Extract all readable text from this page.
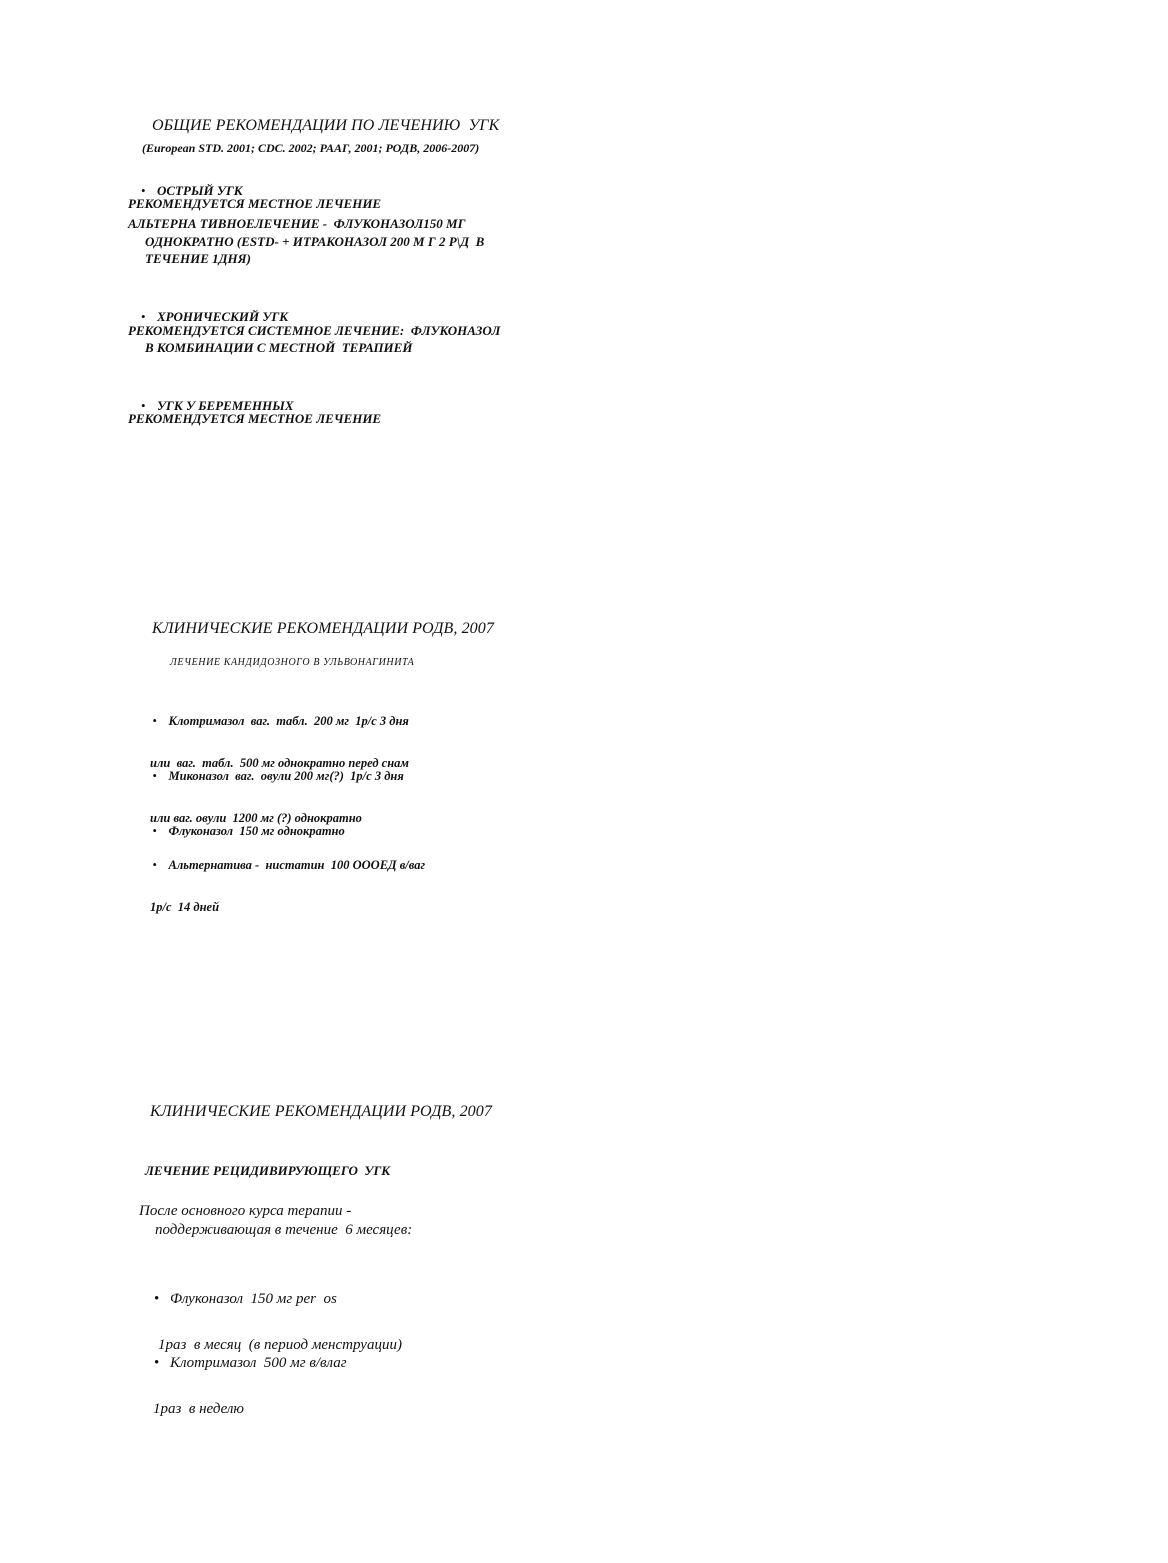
ОБЩИЕ РЕКОМЕНДАЦИИ ПО ЛЕЧЕНИЮ  УГК
(European STD. 2001; CDC. 2002; РААГ, 2001; РОДВ, 2006-2007)

• ОСТРЫЙ УГК

РЕКОМЕНДУЕТСЯ МЕСТНОЕ ЛЕЧЕНИЕ
АЛЬТЕРНА ТИВНОЕЛЕЧЕНИЕ -  ФЛУКОНАЗОЛ150 МГ
ОДНОКРАТНО (ESTD- + ИТРАКОНАЗОЛ 200 М Г 2 Р\Д  В
ТЕЧЕНИЕ 1ДНЯ)

• ХРОНИЧЕСКИЙ УГК

РЕКОМЕНДУЕТСЯ СИСТЕМНОЕ ЛЕЧЕНИЕ:  ФЛУКОНАЗОЛ
В КОМБИНАЦИИ С МЕСТНОЙ  ТЕРАПИЕЙ

• УГК У БЕРЕМЕННЫХ

РЕКОМЕНДУЕТСЯ МЕСТНОЕ ЛЕЧЕНИЕ
КЛИНИЧЕСКИЕ РЕКОМЕНДАЦИИ РОДВ, 2007
ЛЕЧЕНИЕ КАНДИДОЗНОГО В УЛЬВОНАГИНИТА

• Клотримазол  ваг.  табл.  200 мг  1р/с 3 дня

или  ваг.  табл.  500 мг однократно перед снам

• Миконазол  ваг.  овули 200 мг(?)  1р/с 3 дня

или ваг. овули  1200 мг (?) однократно

• Флуконазол  150 мг однократно

• Альтернатива -  нистатин  100 ОООЕД в/ваг

1р/с  14 дней

КЛИНИЧЕСКИЕ РЕКОМЕНДАЦИИ РОДВ, 2007
ЛЕЧЕНИЕ РЕЦИДИВИРУЮЩЕГО  УГК
После основного курса терапии -
поддерживающая в течение  6 месяцев:

• Флуконазол  150 мг per  os

1раз  в месяц  (в период менструации)

• Клотримазол  500 мг в/влаг

1раз  в неделю
